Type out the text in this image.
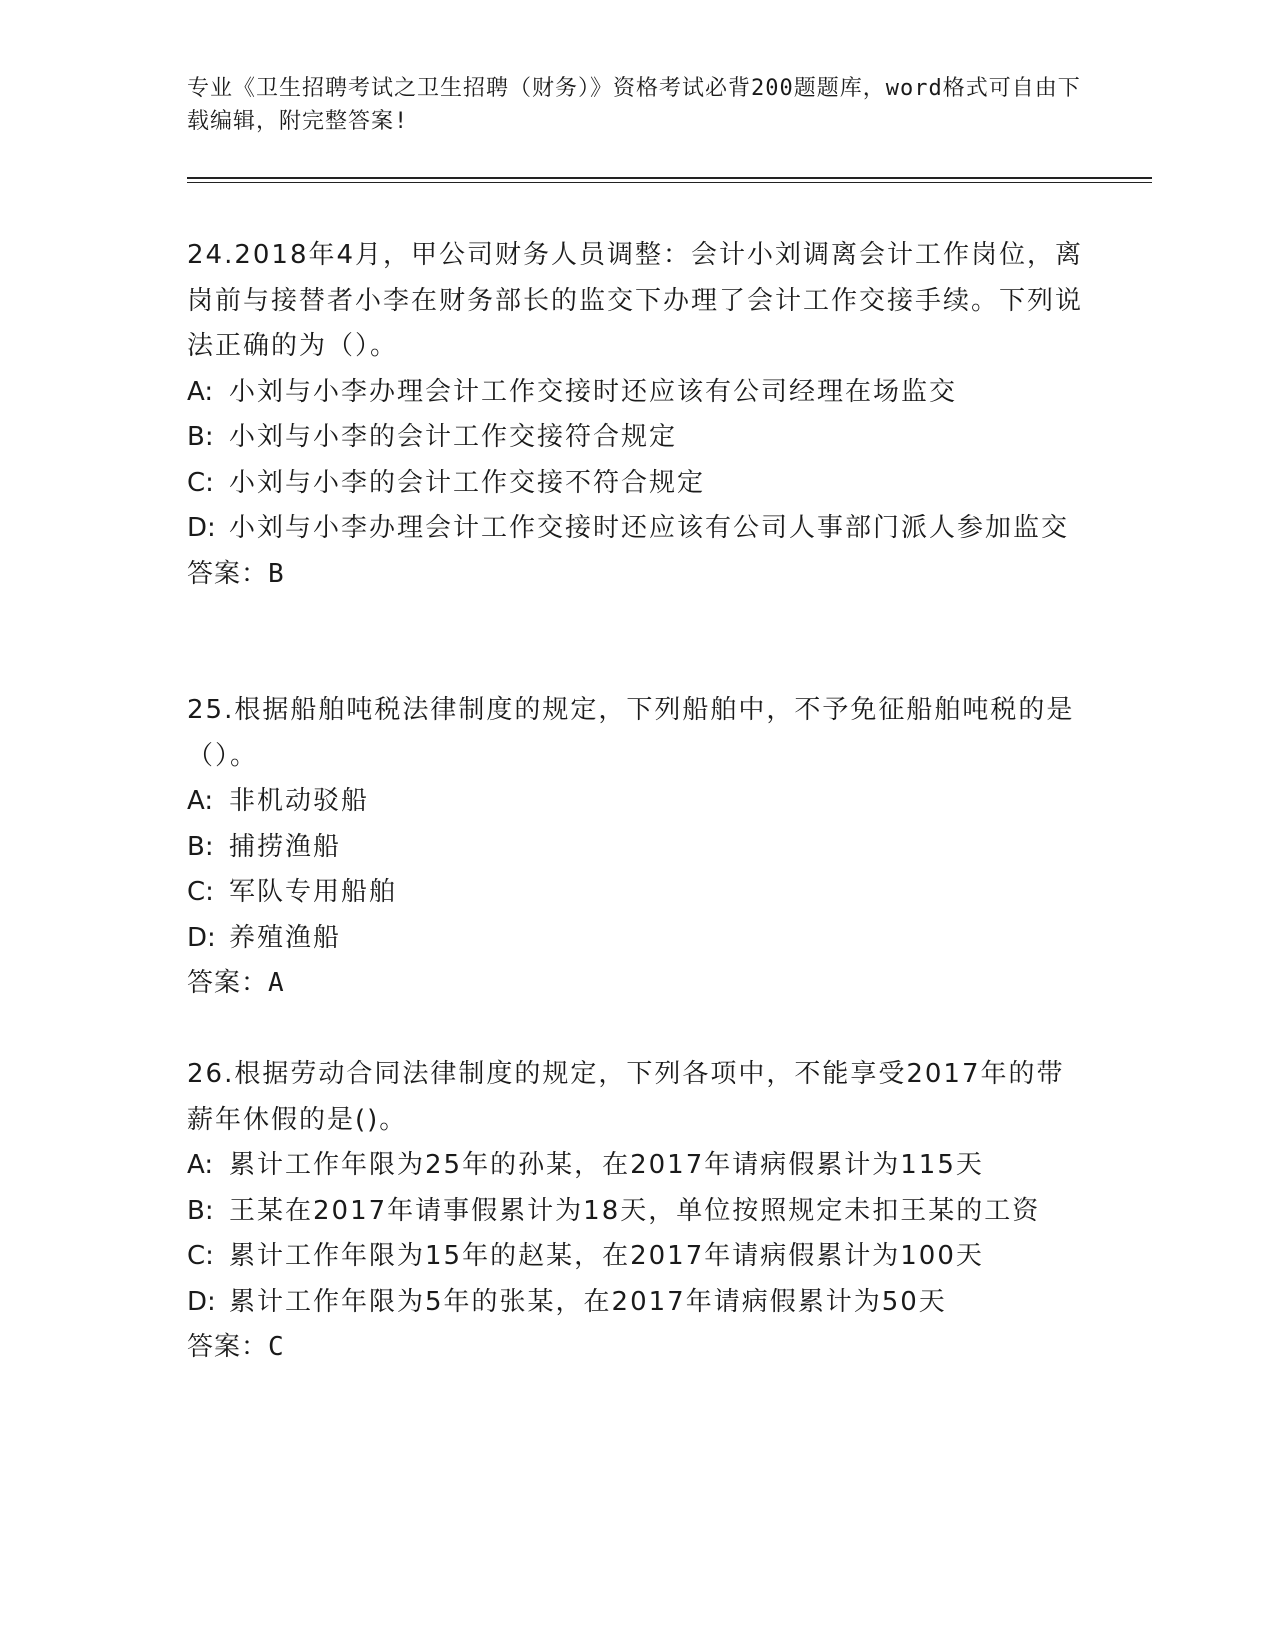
专业《卫生招聘考试之卫生招聘（财务）》资格考试必背200题题库，word格式可自由下载编辑，附完整答案!

24.2018年4月，甲公司财务人员调整：会计小刘调离会计工作岗位，离岗前与接替者小李在财务部长的监交下办理了会计工作交接手续。下列说法正确的为（）。

A: 小刘与小李办理会计工作交接时还应该有公司经理在场监交

B: 小刘与小李的会计工作交接符合规定

C: 小刘与小李的会计工作交接不符合规定

D: 小刘与小李办理会计工作交接时还应该有公司人事部门派人参加监交

答案：B

25.根据船舶吨税法律制度的规定，下列船舶中，不予免征船舶吨税的是（）。

A: 非机动驳船

B: 捕捞渔船

C: 军队专用船舶

D: 养殖渔船

答案：A

26.根据劳动合同法律制度的规定，下列各项中，不能享受2017年的带薪年休假的是()。

A: 累计工作年限为25年的孙某，在2017年请病假累计为115天

B: 王某在2017年请事假累计为18天，单位按照规定未扣王某的工资

C: 累计工作年限为15年的赵某，在2017年请病假累计为100天

D: 累计工作年限为5年的张某，在2017年请病假累计为50天

答案：C
